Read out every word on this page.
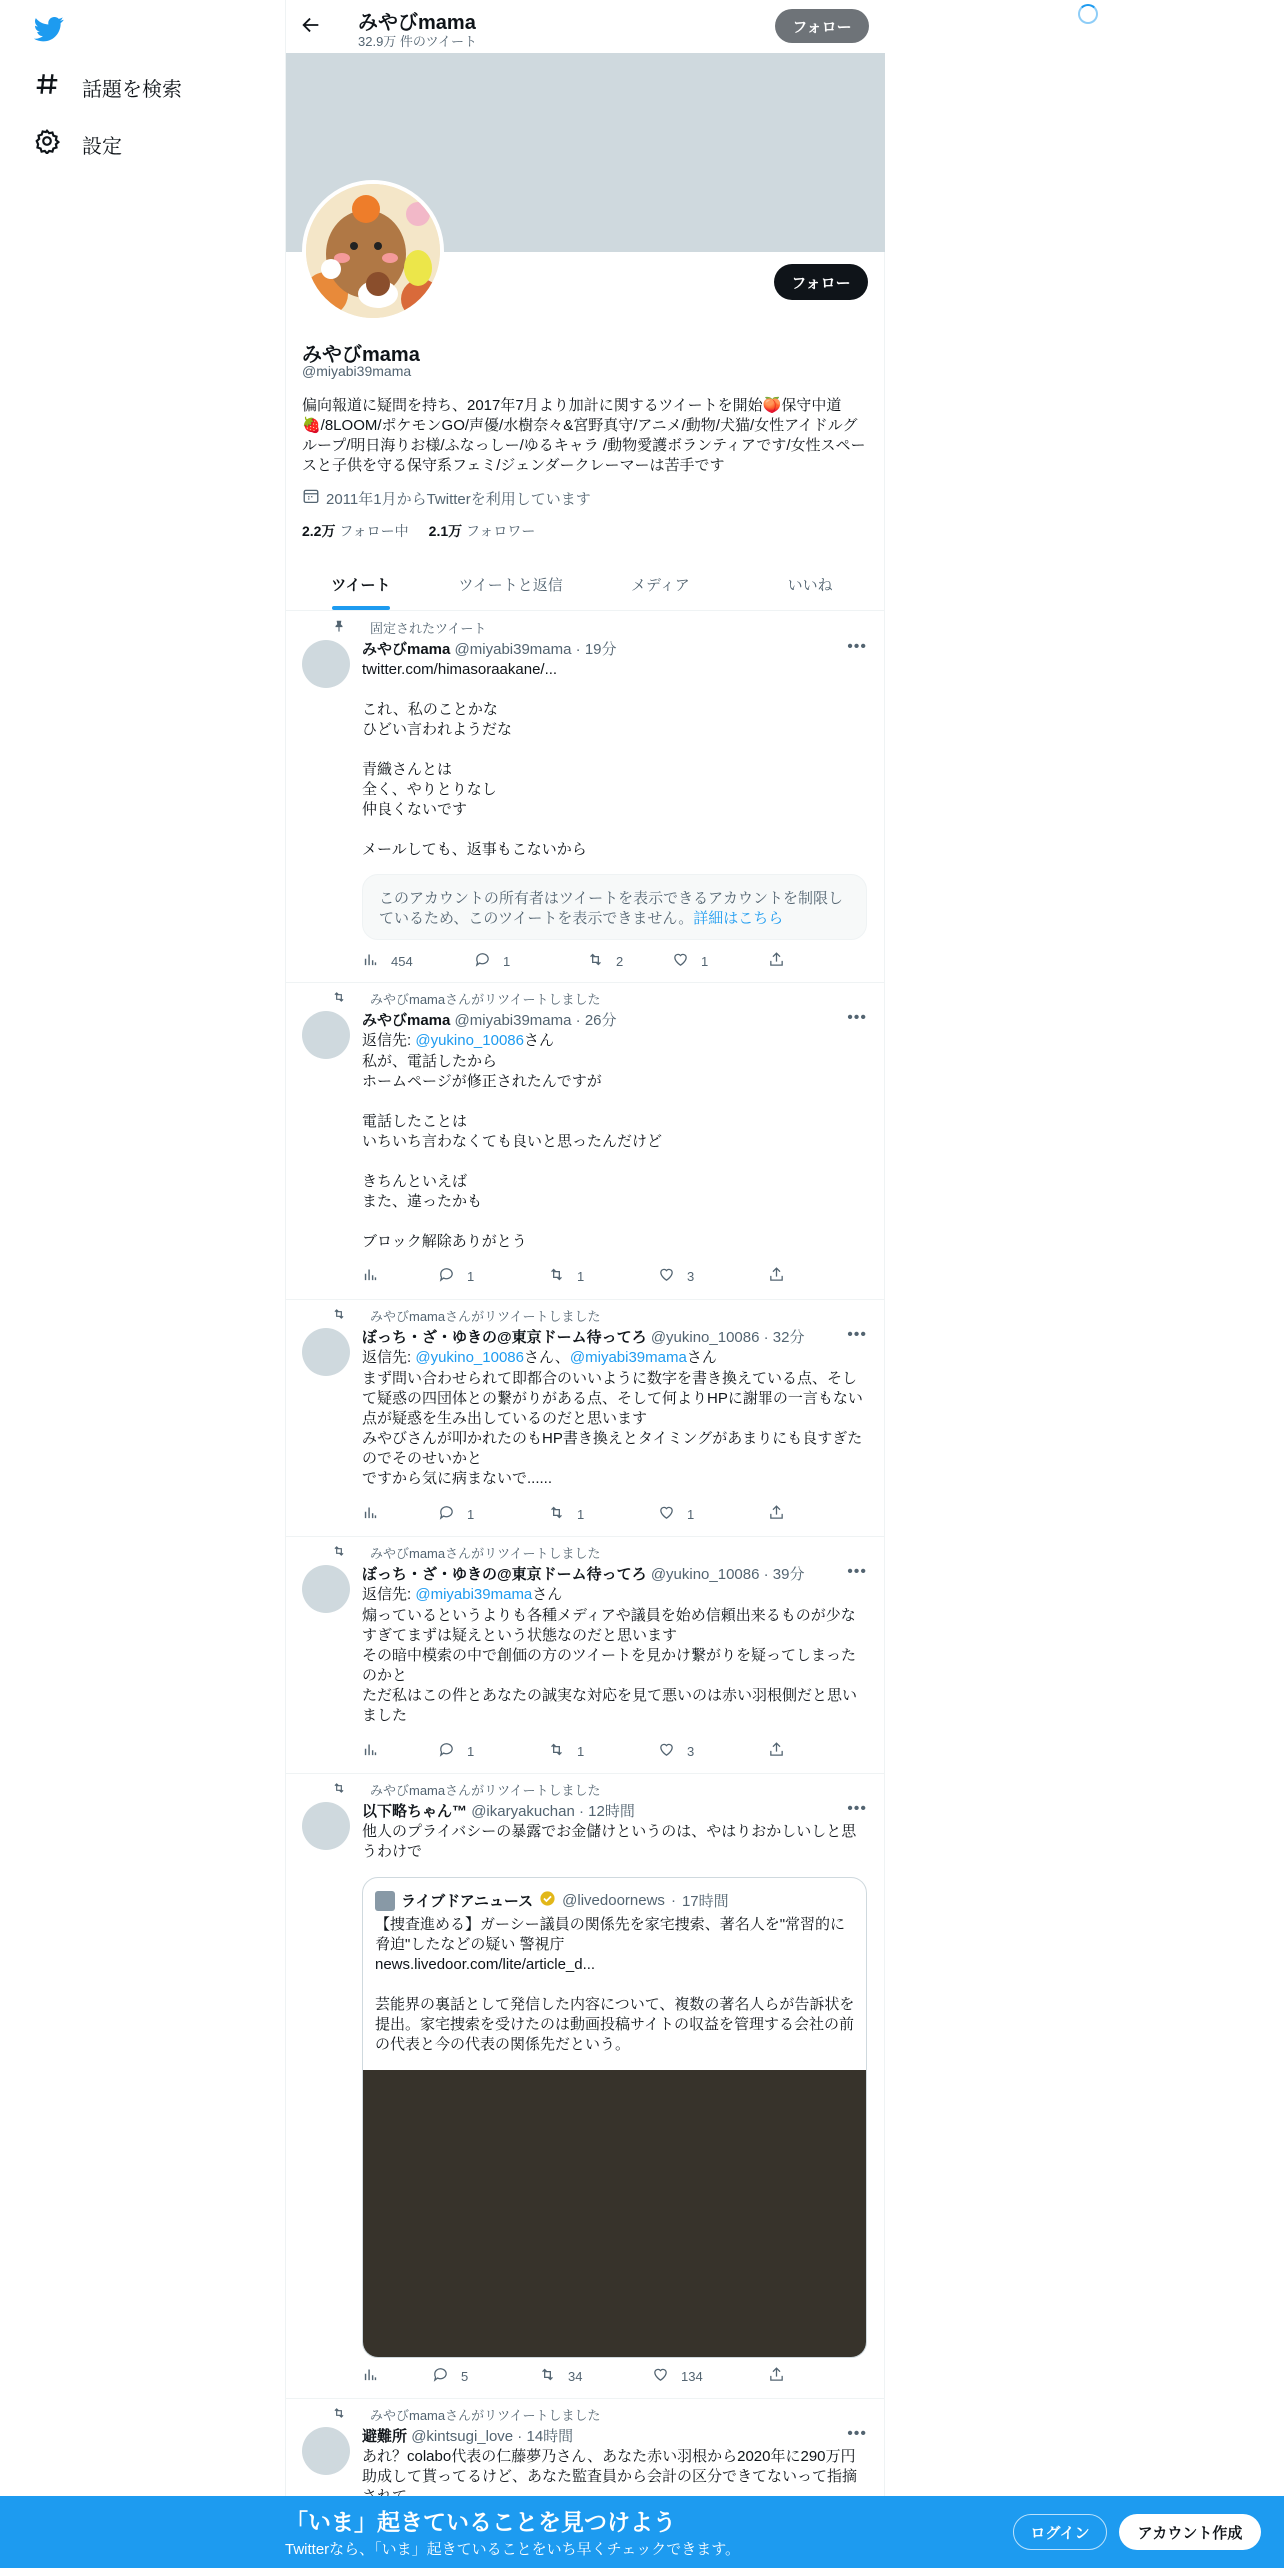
話題を検索
設定
みやびmama
32.9万 件のツイート
フォロー
フォロー
みやびmama
@miyabi39mama
偏向報道に疑問を持ち、2017年7月より加計に関するツイートを開始🍑保守中道🍓/8LOOM/ポケモンGO/声優/水樹奈々&宮野真守/アニメ/動物/犬猫/女性アイドルグループ/明日海りお様/ふなっしー/ゆるキャラ /動物愛護ボランティアです/女性スペースと子供を守る保守系フェミ/ジェンダークレーマーは苦手です
2011年1月からTwitterを利用しています
2.2万 フォロー中 2.1万 フォロワー
ツイート	ツイートと返信	メディア	いいね
固定されたツイート
みやびmama @miyabi39mama · 19分	•••
twitter.com/himasoraakane/...
これ、私のことかな
ひどい言われようだな

青織さんとは
全く、やりとりなし
仲良くないです

メールしても、返事もこないから
このアカウントの所有者はツイートを表示できるアカウントを制限しているため、このツイートを表示できません。詳細はこちら
454	1	2	1
みやびmamaさんがリツイートしました
みやびmama @miyabi39mama · 26分	•••
返信先: @yukino_10086さん
私が、電話したから
ホームページが修正されたんですが

電話したことは
いちいち言わなくても良いと思ったんだけど

きちんといえば
また、違ったかも

ブロック解除ありがとう
1	1	3
みやびmamaさんがリツイートしました
ぼっち・ざ・ゆきの@東京ドーム待ってろ @yukino_10086 · 32分	•••
返信先: @yukino_10086さん、@miyabi39mamaさん
まず問い合わせられて即都合のいいように数字を書き換えている点、そして疑惑の四団体との繋がりがある点、そして何よりHPに謝罪の一言もない点が疑惑を生み出しているのだと思います
みやびさんが叩かれたのもHP書き換えとタイミングがあまりにも良すぎたのでそのせいかと
ですから気に病まないで......
1	1	1
みやびmamaさんがリツイートしました
ぼっち・ざ・ゆきの@東京ドーム待ってろ @yukino_10086 · 39分	•••
返信先: @miyabi39mamaさん
煽っているというよりも各種メディアや議員を始め信頼出来るものが少なすぎてまずは疑えという状態なのだと思います
その暗中模索の中で創価の方のツイートを見かけ繋がりを疑ってしまったのかと
ただ私はこの件とあなたの誠実な対応を見て悪いのは赤い羽根側だと思いました
1	1	3
みやびmamaさんがリツイートしました
以下略ちゃん™ @ikaryakuchan · 12時間	•••
他人のプライバシーの暴露でお金儲けというのは、やはりおかしいしと思うわけで
ライブドアニュース @livedoornews · 17時間
【捜査進める】ガーシー議員の関係先を家宅捜索、著名人を"常習的に脅迫"したなどの疑い 警視庁
news.livedoor.com/lite/article_d...

芸能界の裏話として発信した内容について、複数の著名人らが告訴状を提出。家宅捜索を受けたのは動画投稿サイトの収益を管理する会社の前の代表と今の代表の関係先だという。
5	34	134
みやびmamaさんがリツイートしました
避難所 @kintsugi_love · 14時間	•••
あれ？colabo代表の仁藤夢乃さん、あなた赤い羽根から2020年に290万円助成して貰ってるけど、あなた監査員から会計の区分できてないって指摘
「いま」起きていることを見つけよう
Twitterなら、「いま」起きていることをいち早くチェックできます。
ログイン	アカウント作成
